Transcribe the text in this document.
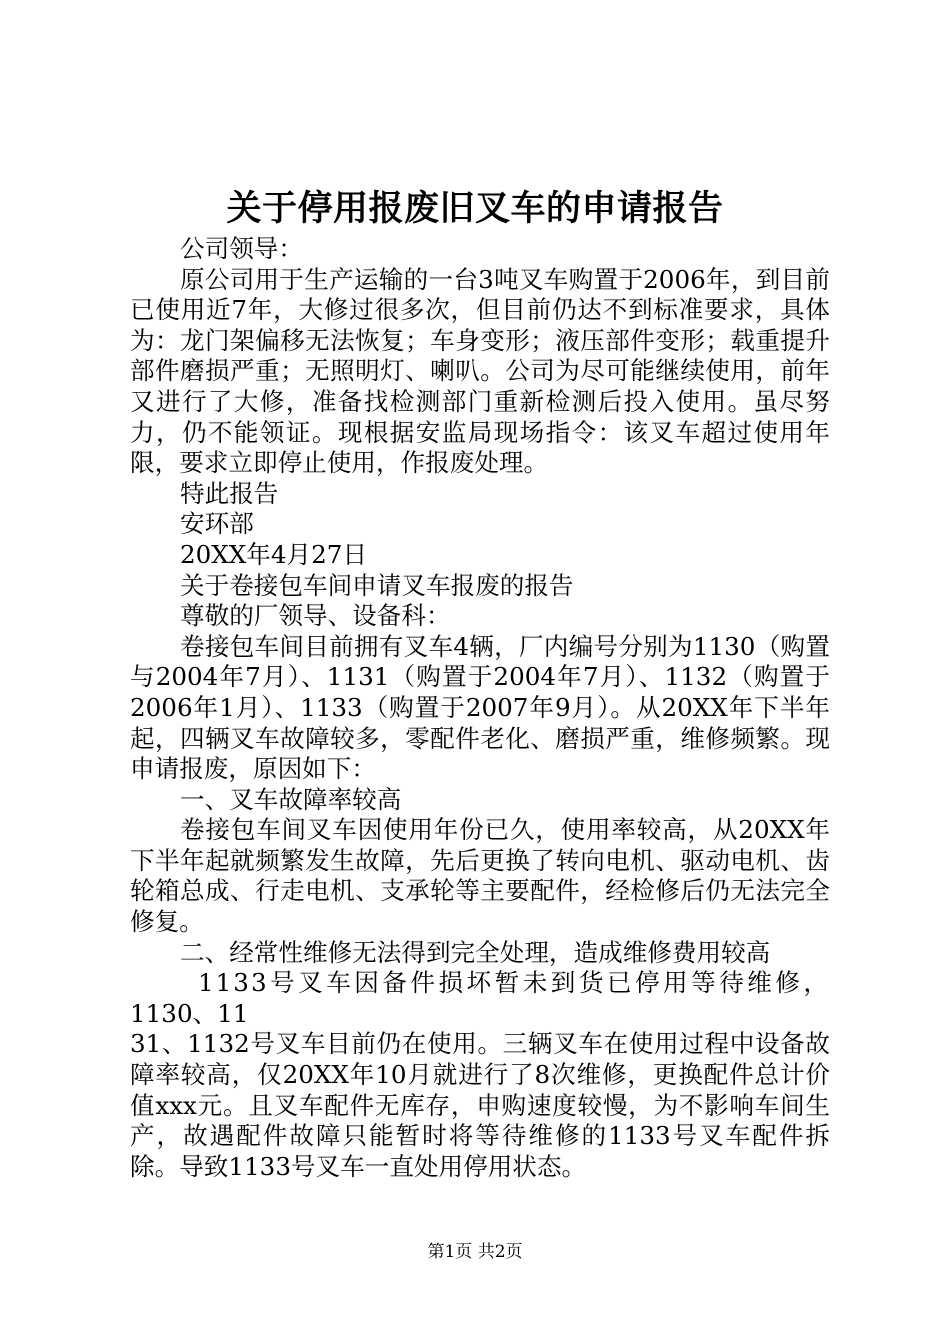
关于停用报废旧叉车的申请报告

公司领导：

原公司用于生产运输的一台3吨叉车购置于2006年，到目前已使用近7年，大修过很多次，但目前仍达不到标准要求，具体为：龙门架偏移无法恢复；车身变形；液压部件变形；载重提升部件磨损严重；无照明灯、喇叭。公司为尽可能继续使用，前年又进行了大修，准备找检测部门重新检测后投入使用。虽尽努力，仍不能领证。现根据安监局现场指令：该叉车超过使用年限，要求立即停止使用，作报废处理。

特此报告

安环部

20XX年4月27日

关于卷接包车间申请叉车报废的报告

尊敬的厂领导、设备科：

卷接包车间目前拥有叉车4辆，厂内编号分别为1130（购置与2004年7月）、1131（购置于2004年7月）、1132（购置于2006年1月）、1133（购置于2007年9月）。从20XX年下半年起，四辆叉车故障较多，零配件老化、磨损严重，维修频繁。现申请报废，原因如下：

一、叉车故障率较高

卷接包车间叉车因使用年份已久，使用率较高，从20XX年下半年起就频繁发生故障，先后更换了转向电机、驱动电机、齿轮箱总成、行走电机、支承轮等主要配件，经检修后仍无法完全修复。

二、经常性维修无法得到完全处理，造成维修费用较高

1133号叉车因备件损坏暂未到货已停用等待维修，

1130、11

31、1132号叉车目前仍在使用。三辆叉车在使用过程中设备故障率较高，仅20XX年10月就进行了8次维修，更换配件总计价值xxx元。且叉车配件无库存，申购速度较慢，为不影响车间生产，故遇配件故障只能暂时将等待维修的1133号叉车配件拆除。导致1133号叉车一直处用停用状态。

第1页 共2页
